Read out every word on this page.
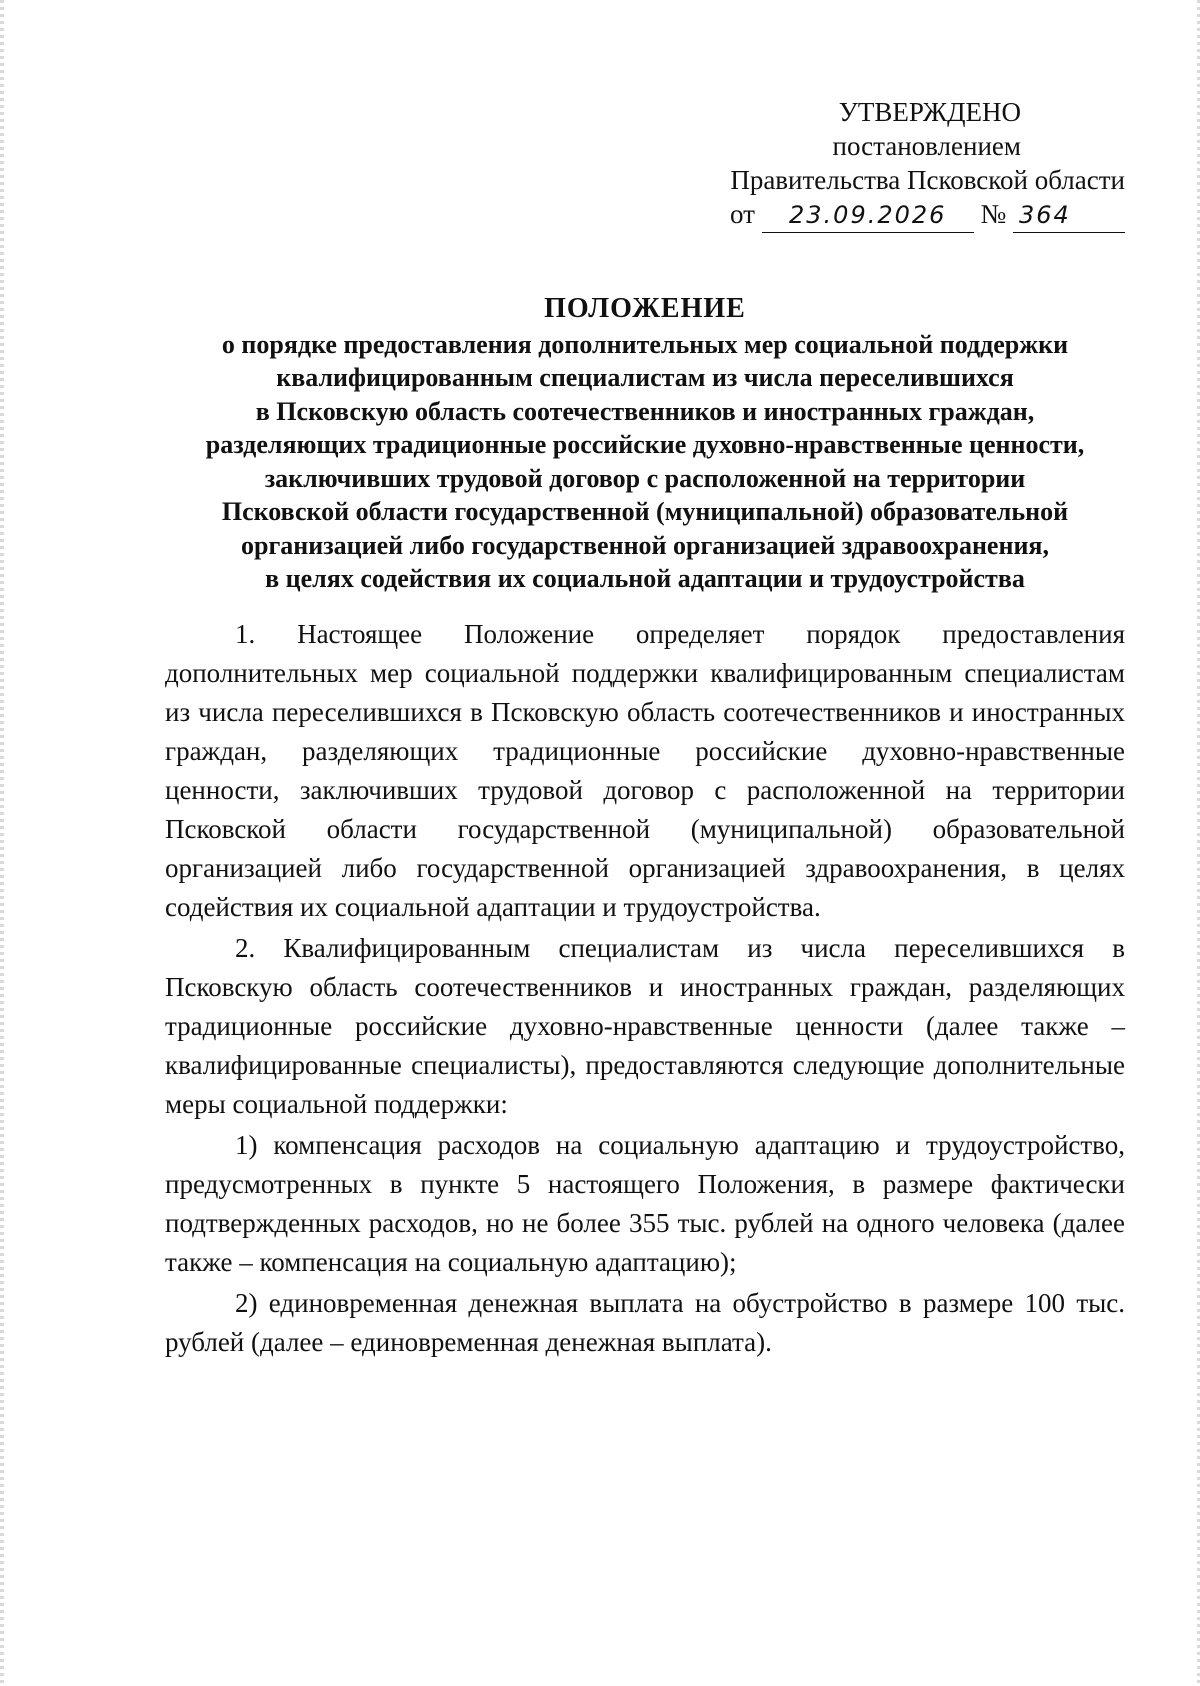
УТВЕРЖДЕНО
постановлением
Правительства Псковской области
от 23.09.2026 № 364
ПОЛОЖЕНИЕ
о порядке предоставления дополнительных мер социальной поддержки
квалифицированным специалистам из числа переселившихся
в Псковскую область соотечественников и иностранных граждан,
разделяющих традиционные российские духовно-нравственные ценности,
заключивших трудовой договор с расположенной на территории
Псковской области государственной (муниципальной) образовательной
организацией либо государственной организацией здравоохранения,
в целях содействия их социальной адаптации и трудоустройства

1. Настоящее Положение определяет порядок предоставления дополнительных мер социальной поддержки квалифицированным специалистам из числа переселившихся в Псковскую область соотечественников и иностранных граждан, разделяющих традиционные российские духовно-нравственные ценности, заключивших трудовой договор с расположенной на территории Псковской области государственной (муниципальной) образовательной организацией либо государственной организацией здравоохранения, в целях содействия их социальной адаптации и трудоустройства.

2. Квалифицированным специалистам из числа переселившихся в Псковскую область соотечественников и иностранных граждан, разделяющих традиционные российские духовно-нравственные ценности (далее также – квалифицированные специалисты), предоставляются следующие дополнительные меры социальной поддержки:

1) компенсация расходов на социальную адаптацию и трудоустройство, предусмотренных в пункте 5 настоящего Положения, в размере фактически подтвержденных расходов, но не более 355 тыс. рублей на одного человека (далее также – компенсация на социальную адаптацию);

2) единовременная денежная выплата на обустройство в размере 100 тыс. рублей (далее – единовременная денежная выплата).
